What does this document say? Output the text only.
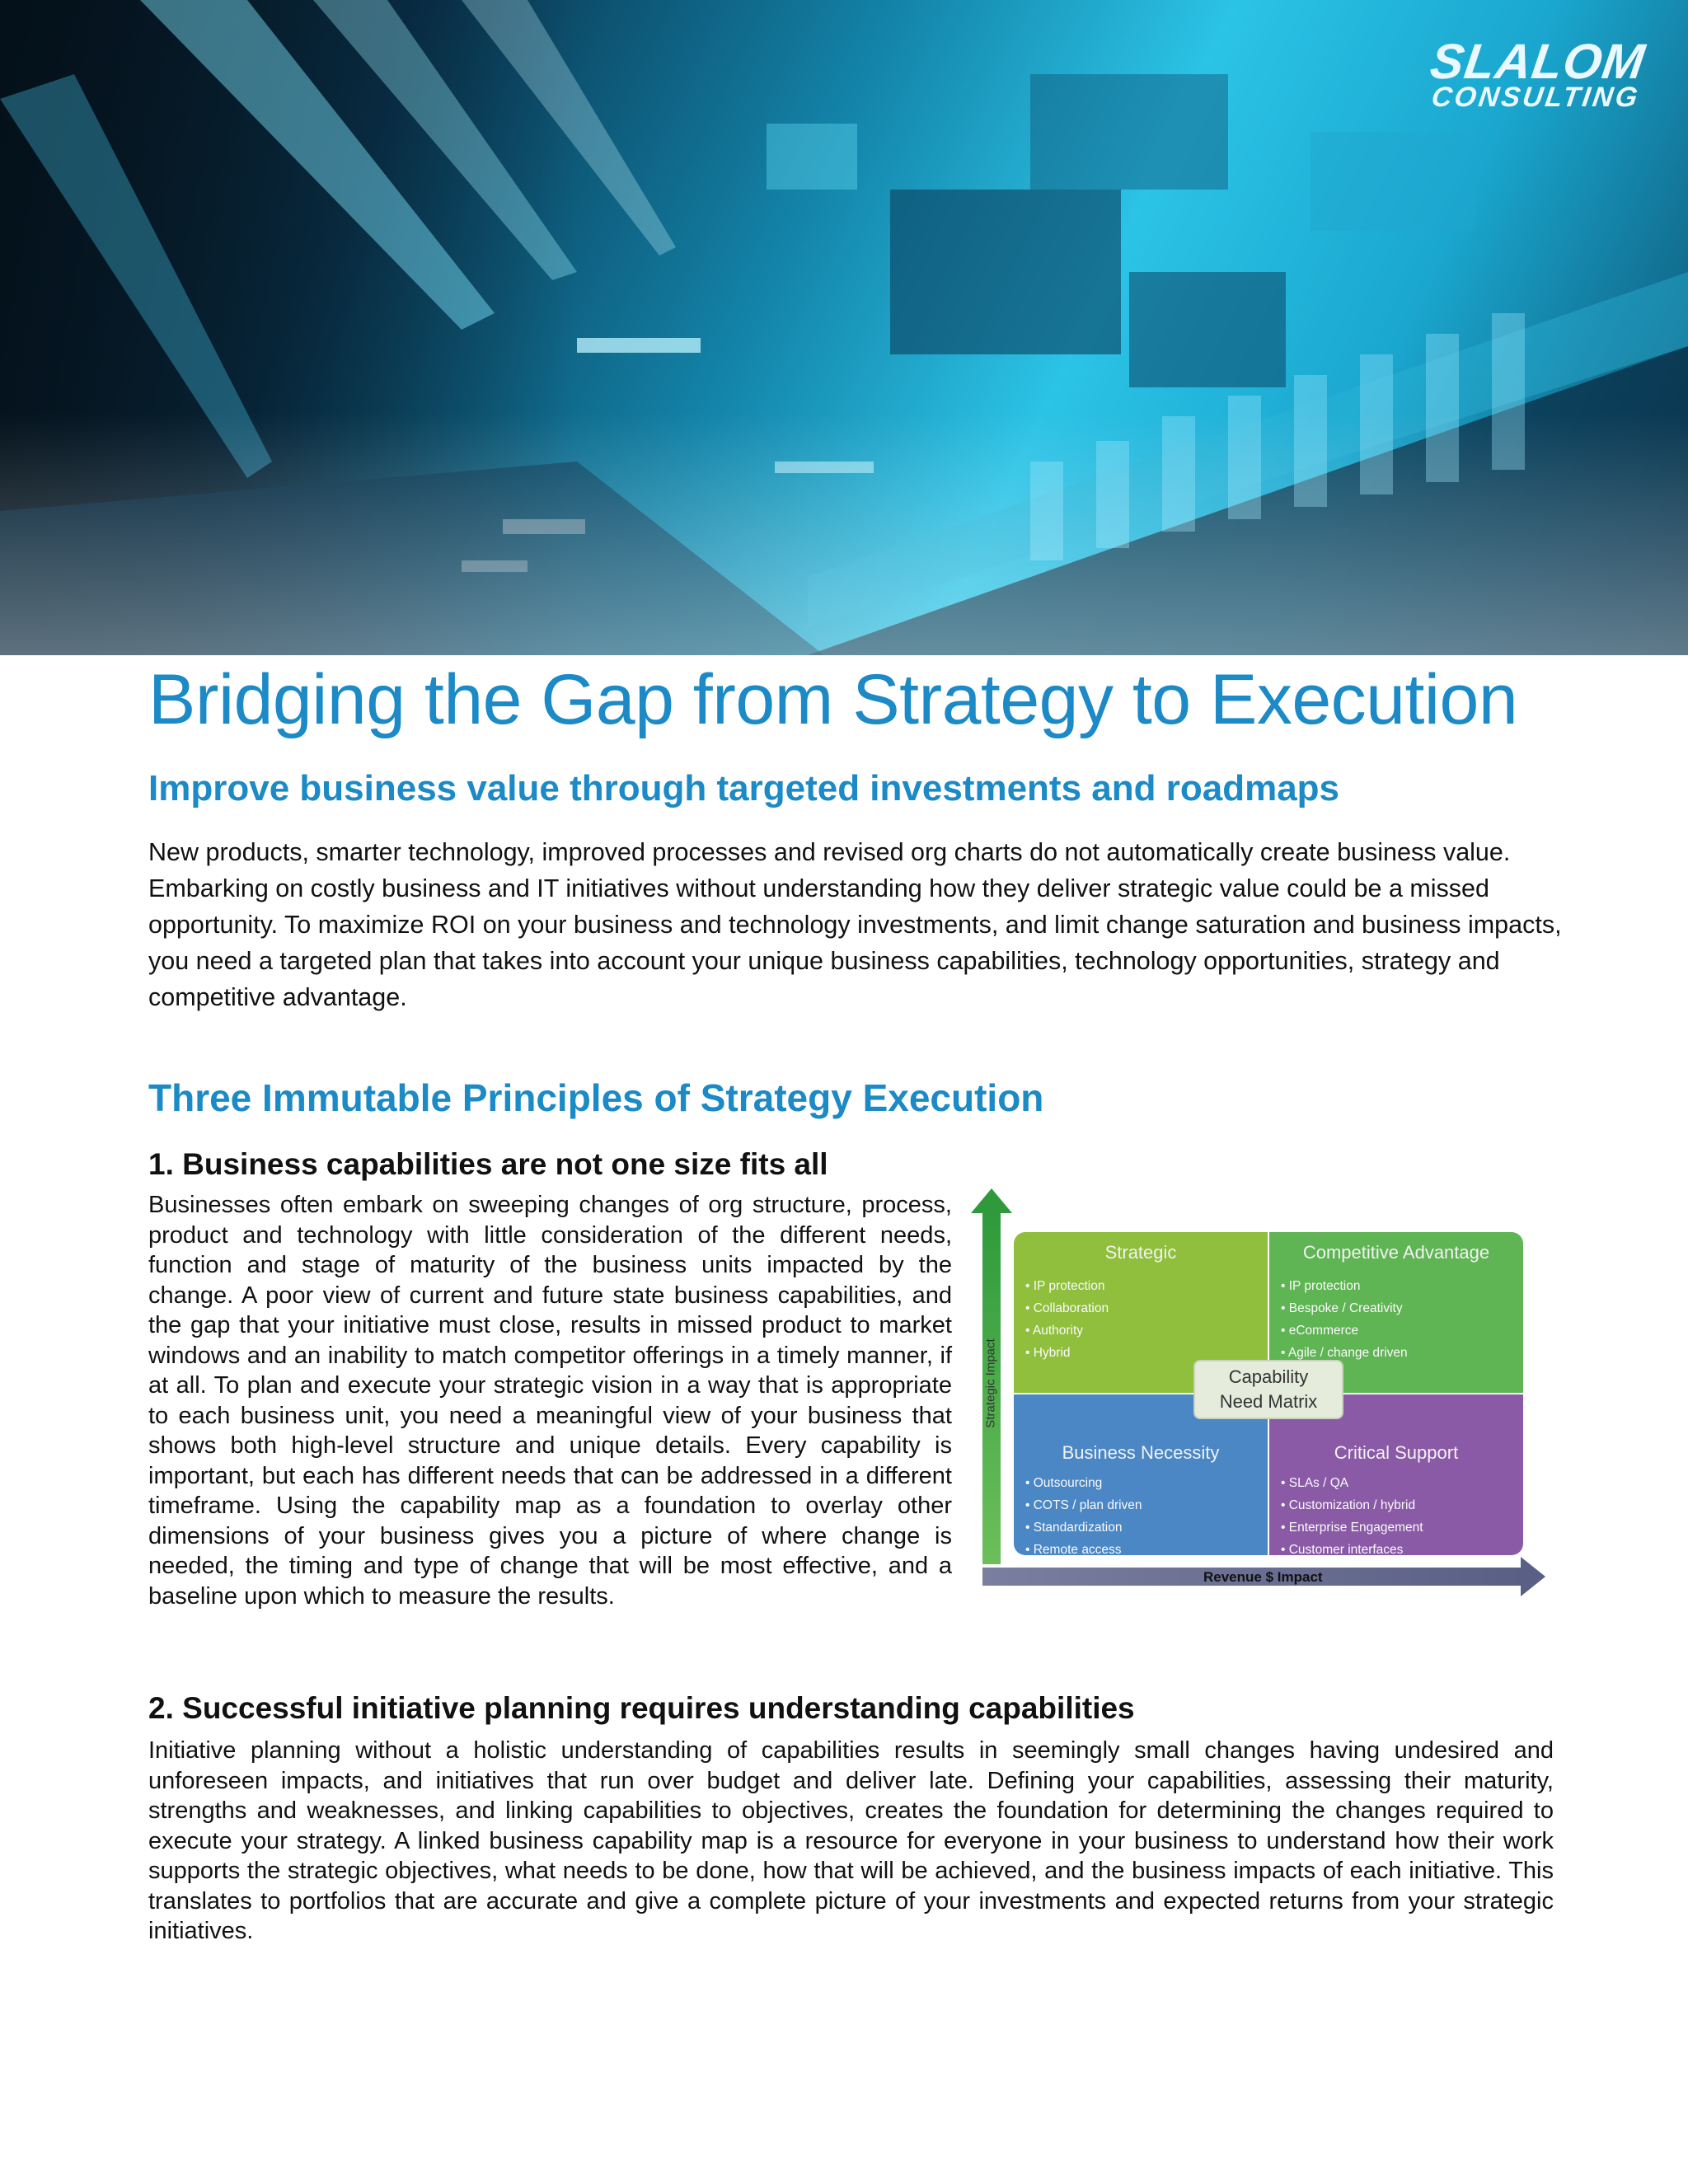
SLALOM
CONSULTING
Bridging the Gap from Strategy to Execution
Improve business value through targeted investments and roadmaps

New products, smarter technology, improved processes and revised org charts do not automatically create business value. Embarking on costly business and IT initiatives without understanding how they deliver strategic value could be a missed opportunity. To maximize ROI on your business and technology investments, and limit change saturation and business impacts, you need a targeted plan that takes into account your unique business capabilities, technology opportunities, strategy and competitive advantage.

Three Immutable Principles of Strategy Execution
1. Business capabilities are not one size fits all

Businesses often embark on sweeping changes of org structure, process, product and technology with little consideration of the different needs, function and stage of maturity of the business units impacted by the change. A poor view of current and future state business capabilities, and the gap that your initiative must close, results in missed product to market windows and an inability to match competitor offerings in a timely manner, if at all. To plan and execute your strategic vision in a way that is appropriate to each business unit, you need a meaningful view of your business that shows both high-level structure and unique details. Every capability is important, but each has different needs that can be addressed in a different timeframe. Using the capability map as a foundation to overlay other dimensions of your business gives you a picture of where change is needed, the timing and type of change that will be most effective, and a baseline upon which to measure the results.

Strategic Impact
Strategic
• IP protection
• Collaboration
• Authority
• Hybrid
Competitive Advantage
• IP protection
• Bespoke / Creativity
• eCommerce
• Agile / change driven
Business Necessity
• Outsourcing
• COTS / plan driven
• Standardization
• Remote access
Critical Support
• SLAs / QA
• Customization / hybrid
• Enterprise Engagement
• Customer interfaces
Capability
Need Matrix
Revenue $ Impact
2. Successful initiative planning requires understanding capabilities

Initiative planning without a holistic understanding of capabilities results in seemingly small changes having undesired and unforeseen impacts, and initiatives that run over budget and deliver late. Defining your capabilities, assessing their maturity, strengths and weaknesses, and linking capabilities to objectives, creates the foundation for determining the changes required to execute your strategy. A linked business capability map is a resource for everyone in your business to understand how their work supports the strategic objectives, what needs to be done, how that will be achieved, and the business impacts of each initiative. This translates to portfolios that are accurate and give a complete picture of your investments and expected returns from your strategic initiatives.
